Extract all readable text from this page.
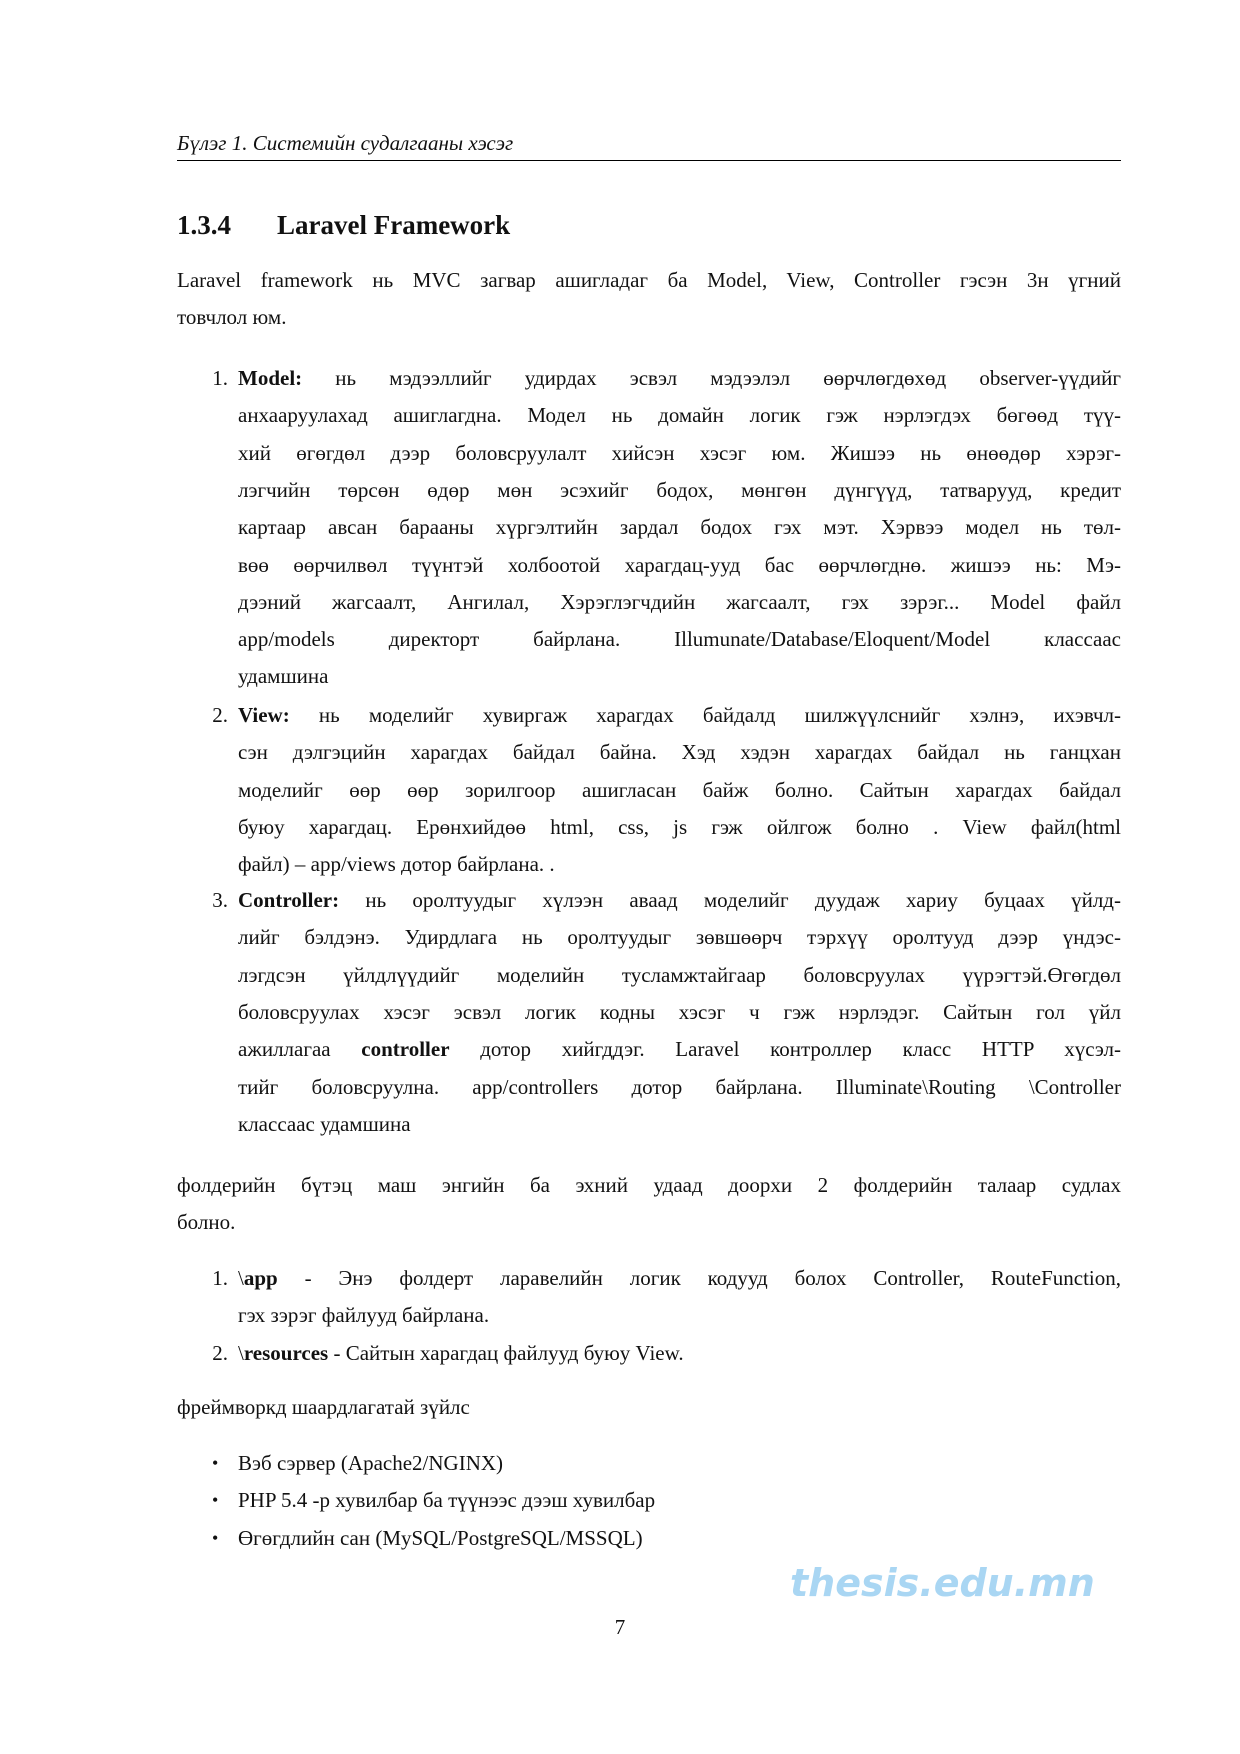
Бүлэг 1. Системийн судалгааны хэсэг
1.3.4 Laravel Framework
Laravel framework нь MVC загвар ашигладаг ба Model, View, Controller гэсэн 3н үгний
товчлол юм.
1. Model: нь мэдээллийг удирдах эсвэл мэдээлэл өөрчлөгдөхөд observer-үүдийг
анхааруулахад ашиглагдна. Модел нь домайн логик гэж нэрлэгдэх бөгөөд түү-
хий өгөгдөл дээр боловсруулалт хийсэн хэсэг юм. Жишээ нь өнөөдөр хэрэг-
лэгчийн төрсөн өдөр мөн эсэхийг бодох, мөнгөн дүнгүүд, татварууд, кредит
картаар авсан барааны хүргэлтийн зардал бодох гэх мэт. Хэрвээ модел нь төл-
вөө өөрчилвөл түүнтэй холбоотой харагдац-ууд бас өөрчлөгднө. жишээ нь: Мэ-
дээний жагсаалт, Ангилал, Хэрэглэгчдийн жагсаалт, гэх зэрэг... Model файл
app/models директорт байрлана. Illumunate/Database/Eloquent/Model классаас
удамшина
2. View: нь моделийг хувиргаж харагдах байдалд шилжүүлснийг хэлнэ, ихэвчл-
сэн дэлгэцийн харагдах байдал байна. Хэд хэдэн харагдах байдал нь ганцхан
моделийг өөр өөр зорилгоор ашигласан байж болно. Сайтын харагдах байдал
буюу харагдац. Ерөнхийдөө html, css, js гэж ойлгож болно . View файл(html
файл) – app/views дотор байрлана. .
3. Controller: нь оролтуудыг хүлээн аваад моделийг дуудаж хариу буцаах үйлд-
лийг бэлдэнэ. Удирдлага нь оролтуудыг зөвшөөрч тэрхүү оролтууд дээр үндэс-
лэгдсэн үйлдлүүдийг моделийн тусламжтайгаар боловсруулах үүрэгтэй.Өгөгдөл
боловсруулах хэсэг эсвэл логик кодны хэсэг ч гэж нэрлэдэг. Сайтын гол үйл
ажиллагаа controller дотор хийгддэг. Laravel контроллер класс HTTP хүсэл-
тийг боловсруулна. app/controllers дотор байрлана. Illuminate\Routing \Controller
классаас удамшина
фолдерийн бүтэц маш энгийн ба эхний удаад доорхи 2 фолдерийн талаар судлах
болно.
1. \app - Энэ фолдерт ларавелийн логик кодууд болох Controller, RouteFunction,
гэх зэрэг файлууд байрлана.
2. \resources - Сайтын харагдац файлууд буюу View.
фреймворкд шаардлагатай зүйлс
• Вэб сэрвер (Apache2/NGINX)
• PHP 5.4 -р хувилбар ба түүнээс дээш хувилбар
• Өгөгдлийн сан (MySQL/PostgreSQL/MSSQL)
7
thesis.edu.mn
